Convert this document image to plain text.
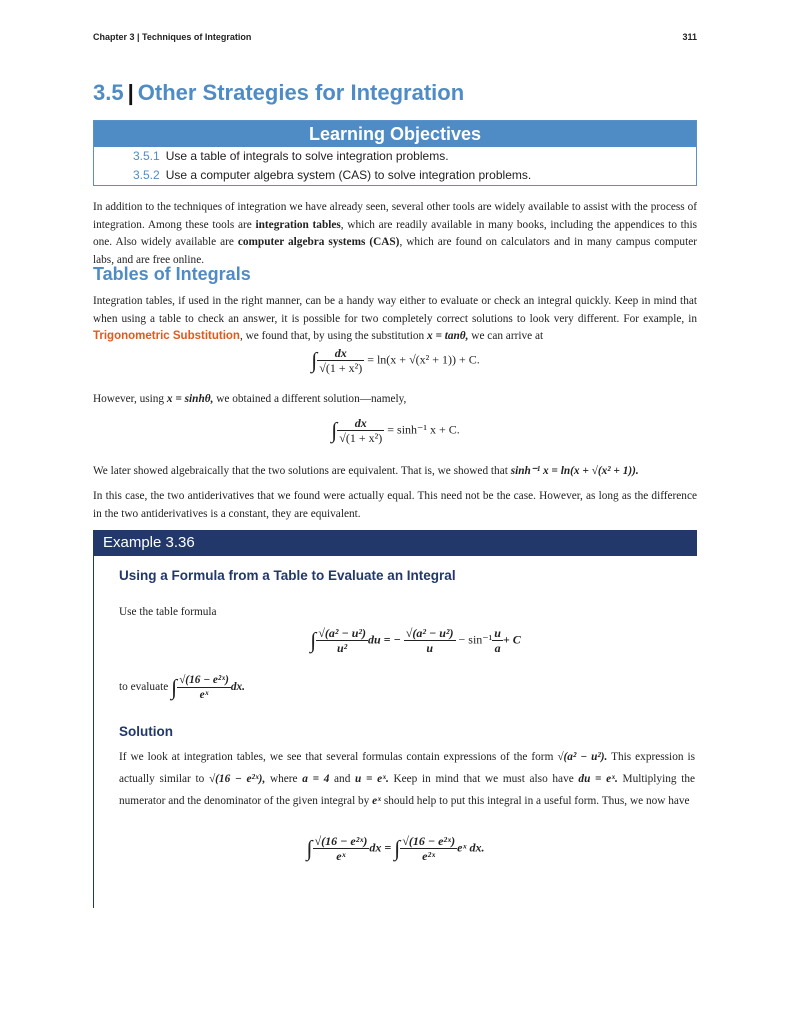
Chapter 3 | Techniques of Integration	311
3.5 | Other Strategies for Integration
Learning Objectives
3.5.1 Use a table of integrals to solve integration problems.
3.5.2 Use a computer algebra system (CAS) to solve integration problems.
In addition to the techniques of integration we have already seen, several other tools are widely available to assist with the process of integration. Among these tools are integration tables, which are readily available in many books, including the appendices to this one. Also widely available are computer algebra systems (CAS), which are found on calculators and in many campus computer labs, and are free online.
Tables of Integrals
Integration tables, if used in the right manner, can be a handy way either to evaluate or check an integral quickly. Keep in mind that when using a table to check an answer, it is possible for two completely correct solutions to look very different. For example, in Trigonometric Substitution, we found that, by using the substitution x = tanθ, we can arrive at
∫ $\frac{dx}{\text{√(1 + x²)}} = \ln(x + √(x^2 + 1)) + C$.
However, using x = sinhθ, we obtained a different solution—namely,
∫ $\frac{dx}{\text{√(1 + x²)}} = \sinh^{-1}$ x + C.
We later showed algebraically that the two solutions are equivalent. That is, we showed that sinh⁻¹ x = ln(x + √(x² + 1)).
In this case, the two antiderivatives that we found were actually equal. This need not be the case. However, as long as the difference in the two antiderivatives is a constant, they are equivalent.
Example 3.36
Using a Formula from a Table to Evaluate an Integral
Use the table formula
∫ $\frac{\text{√(a² − u²)}}{\text{u²}}$ du = − $\frac{\text{√(a² − u²)}}{u} - \sin^{-1} \frac{u}{a} + C$
to evaluate ∫ $\frac{\text{√(16 − e²ˣ)}}{\text{eˣ}}$ dx.
Solution
If we look at integration tables, we see that several formulas contain expressions of the form √(a² − u²). This expression is actually similar to √(16 − e²ˣ), where a = 4 and u = eˣ. Keep in mind that we must also have du = eˣ. Multiplying the numerator and the denominator of the given integral by eˣ should help to put this integral in a useful form. Thus, we now have
∫ $\frac{\text{√(16 − e²ˣ)}}{\text{eˣ}}$ dx = ∫ $\frac{\text{√(16 − e²ˣ)}}{\text{e²ˣ}}$ eˣ dx.
